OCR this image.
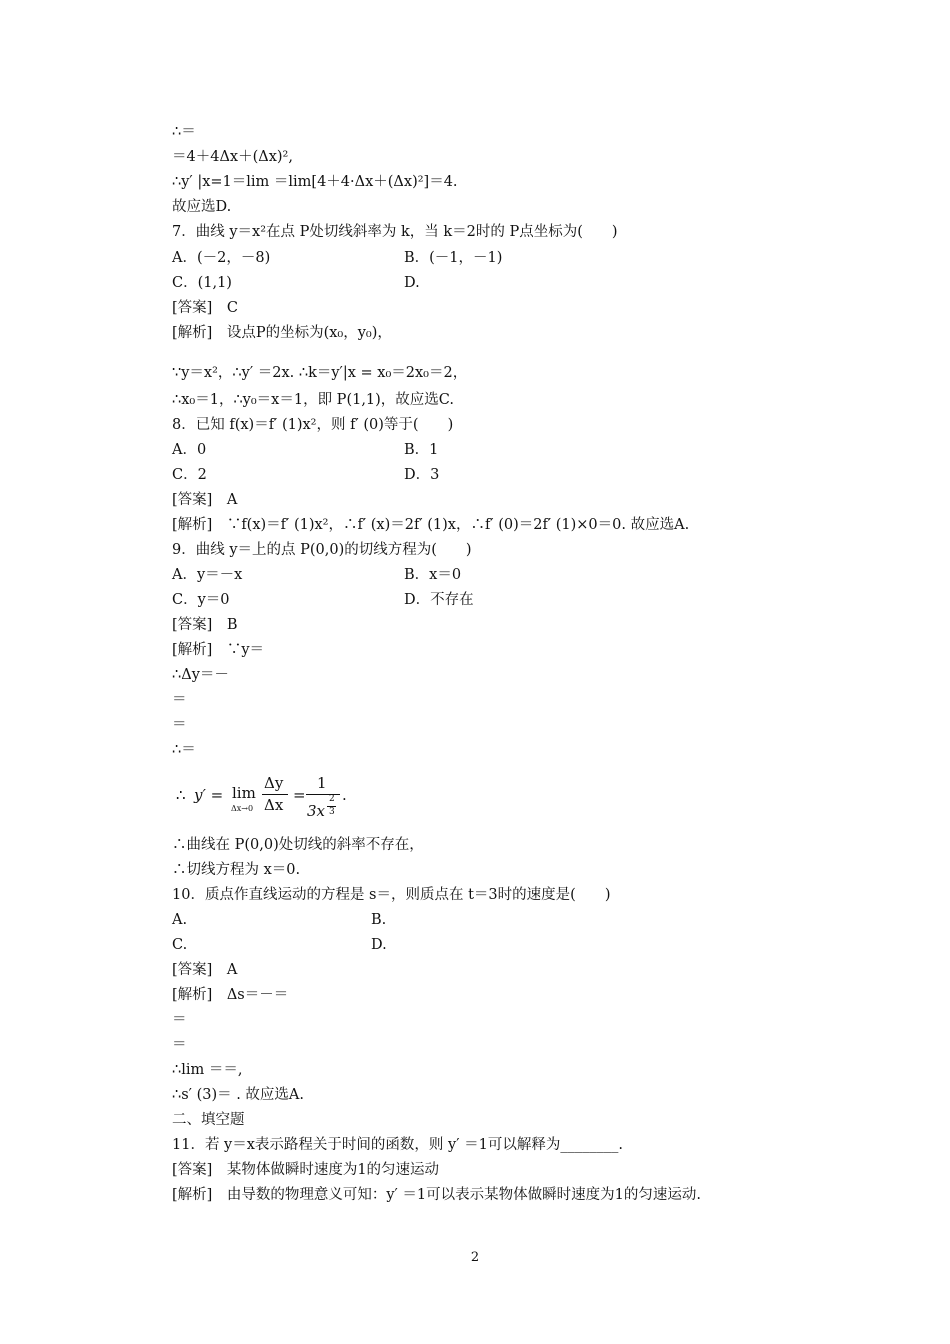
∴＝
＝4＋4Δx＋(Δx)²,
∴y′ |x=1＝lim ＝lim[4＋4·Δx＋(Δx)²]＝4.
故应选D.
7．曲线 y＝x²在点 P处切线斜率为 k，当 k＝2时的 P点坐标为(　　)
A．(－2，－8)	B．(－1，－1)
C．(1,1)	D.
[答案]　C
[解析]　设点P的坐标为(x₀，y₀)，
∵y＝x²，∴y′ ＝2x. ∴k＝y′|x = x₀＝2x₀＝2，
∴x₀＝1，∴y₀＝x＝1，即 P(1,1)，故应选C.
8．已知 f(x)＝f′ (1)x²，则 f′ (0)等于(　　)
A．0	B．1
C．2	D．3
[答案]　A
[解析]　∵f(x)＝f′ (1)x²，∴f′ (x)＝2f′ (1)x，∴f′ (0)＝2f′ (1)×0＝0. 故应选A.
9．曲线 y＝上的点 P(0,0)的切线方程为(　　)
A．y＝－x	B．x＝0
C．y＝0	D．不存在
[答案]　B
[解析]　∵y＝
∴Δy＝－
＝
＝
∴＝
∴ y′ = lim
Δx→0
Δy
Δx
=
1
3x
2
3
.
∴曲线在 P(0,0)处切线的斜率不存在，
∴切线方程为 x＝0.
10．质点作直线运动的方程是 s＝，则质点在 t＝3时的速度是(　　)
A.	B.
C.	D.
[答案]　A
[解析]　Δs＝－＝
＝
＝
∴lim ＝＝,
∴s′ (3)＝ . 故应选A.
二、填空题
11．若 y＝x表示路程关于时间的函数，则 y′ ＝1可以解释为________.
[答案]　某物体做瞬时速度为1的匀速运动
[解析]　由导数的物理意义可知：y′ ＝1可以表示某物体做瞬时速度为1的匀速运动.
2
